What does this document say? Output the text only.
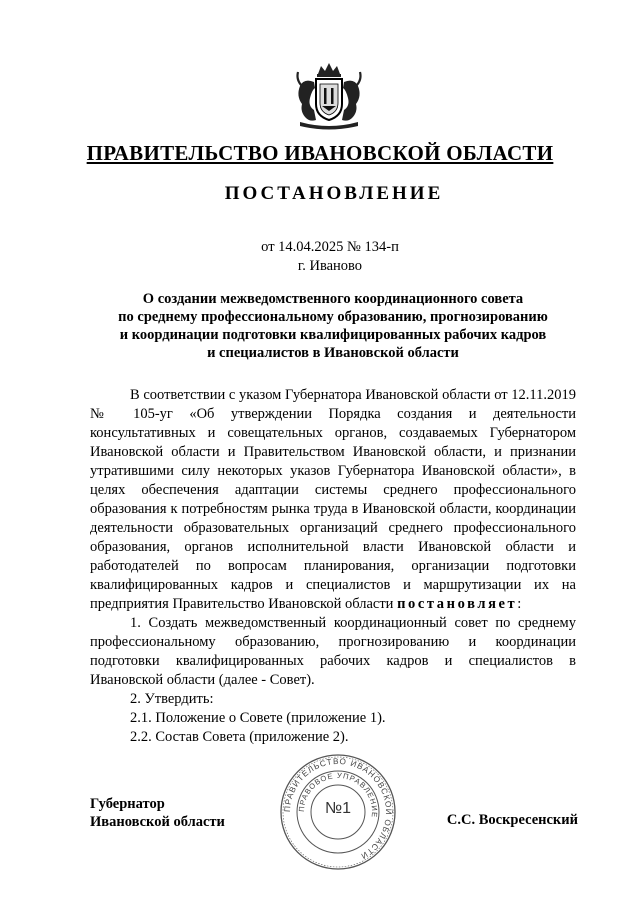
ПРАВИТЕЛЬСТВО ИВАНОВСКОЙ ОБЛАСТИ
ПОСТАНОВЛЕНИЕ
от 14.04.2025 № 134-п
г. Иваново
О создании межведомственного координационного совета
по среднему профессиональному образованию, прогнозированию
и координации подготовки квалифицированных рабочих кадров
и специалистов в Ивановской области

В соответствии с указом Губернатора Ивановской области от 12.11.2019 № 105-уг «Об утверждении Порядка создания и деятельности консультативных и совещательных органов, создаваемых Губернатором Ивановской области и Правительством Ивановской области, и признании утратившими силу некоторых указов Губернатора Ивановской области», в целях обеспечения адаптации системы среднего профессионального образования к потребностям рынка труда в Ивановской области, координации деятельности образовательных организаций среднего профессионального образования, органов исполнительной власти Ивановской области и работодателей по вопросам планирования, организации подготовки квалифицированных кадров и специалистов и маршрутизации их на предприятия Правительство Ивановской области постановляет:

1. Создать межведомственный координационный совет по среднему профессиональному образованию, прогнозированию и координации подготовки квалифицированных рабочих кадров и специалистов в Ивановской области (далее - Совет).

2. Утвердить:

2.1. Положение о Совете (приложение 1).

2.2. Состав Совета (приложение 2).

Губернатор
Ивановской области	С.С. Воскресенский
ПРАВИТЕЛЬСТВО ИВАНОВСКОЙ ОБЛАСТИ
ПРАВОВОЕ УПРАВЛЕНИЕ
№1
